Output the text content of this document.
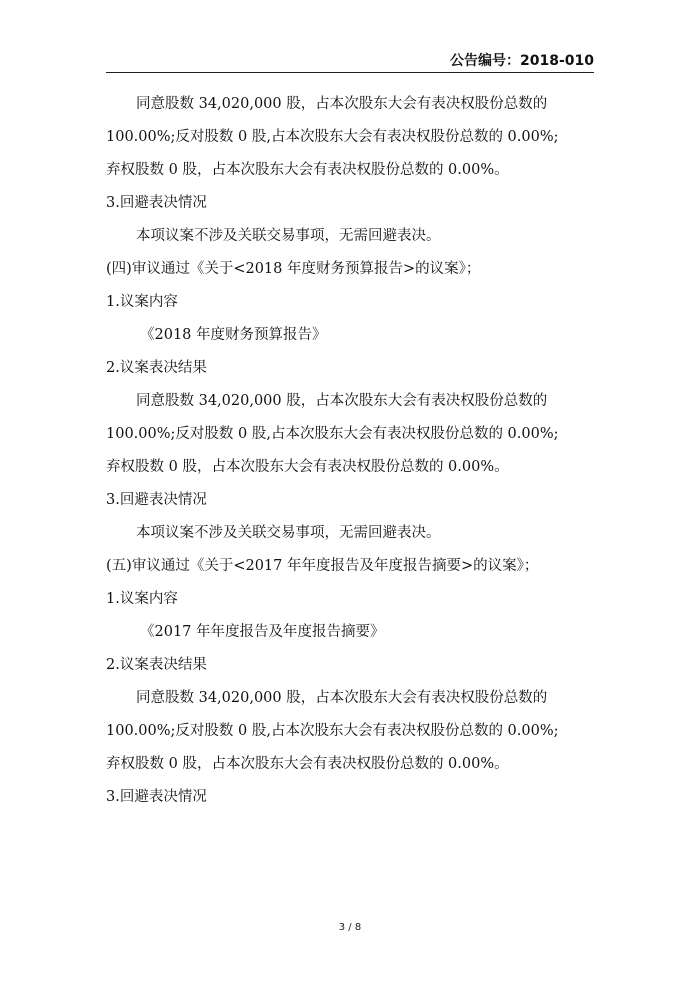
公告编号：2018-010
同意股数 34,020,000 股，占本次股东大会有表决权股份总数的
100.00%;反对股数 0 股,占本次股东大会有表决权股份总数的 0.00%;
弃权股数 0 股，占本次股东大会有表决权股份总数的 0.00%。
3.回避表决情况
本项议案不涉及关联交易事项，无需回避表决。
(四)审议通过《关于<2018 年度财务预算报告>的议案》；
1.议案内容
《2018 年度财务预算报告》
2.议案表决结果
同意股数 34,020,000 股，占本次股东大会有表决权股份总数的
100.00%;反对股数 0 股,占本次股东大会有表决权股份总数的 0.00%;
弃权股数 0 股，占本次股东大会有表决权股份总数的 0.00%。
3.回避表决情况
本项议案不涉及关联交易事项，无需回避表决。
(五)审议通过《关于<2017 年年度报告及年度报告摘要>的议案》；
1.议案内容
《2017 年年度报告及年度报告摘要》
2.议案表决结果
同意股数 34,020,000 股，占本次股东大会有表决权股份总数的
100.00%;反对股数 0 股,占本次股东大会有表决权股份总数的 0.00%;
弃权股数 0 股，占本次股东大会有表决权股份总数的 0.00%。
3.回避表决情况
3 / 8
